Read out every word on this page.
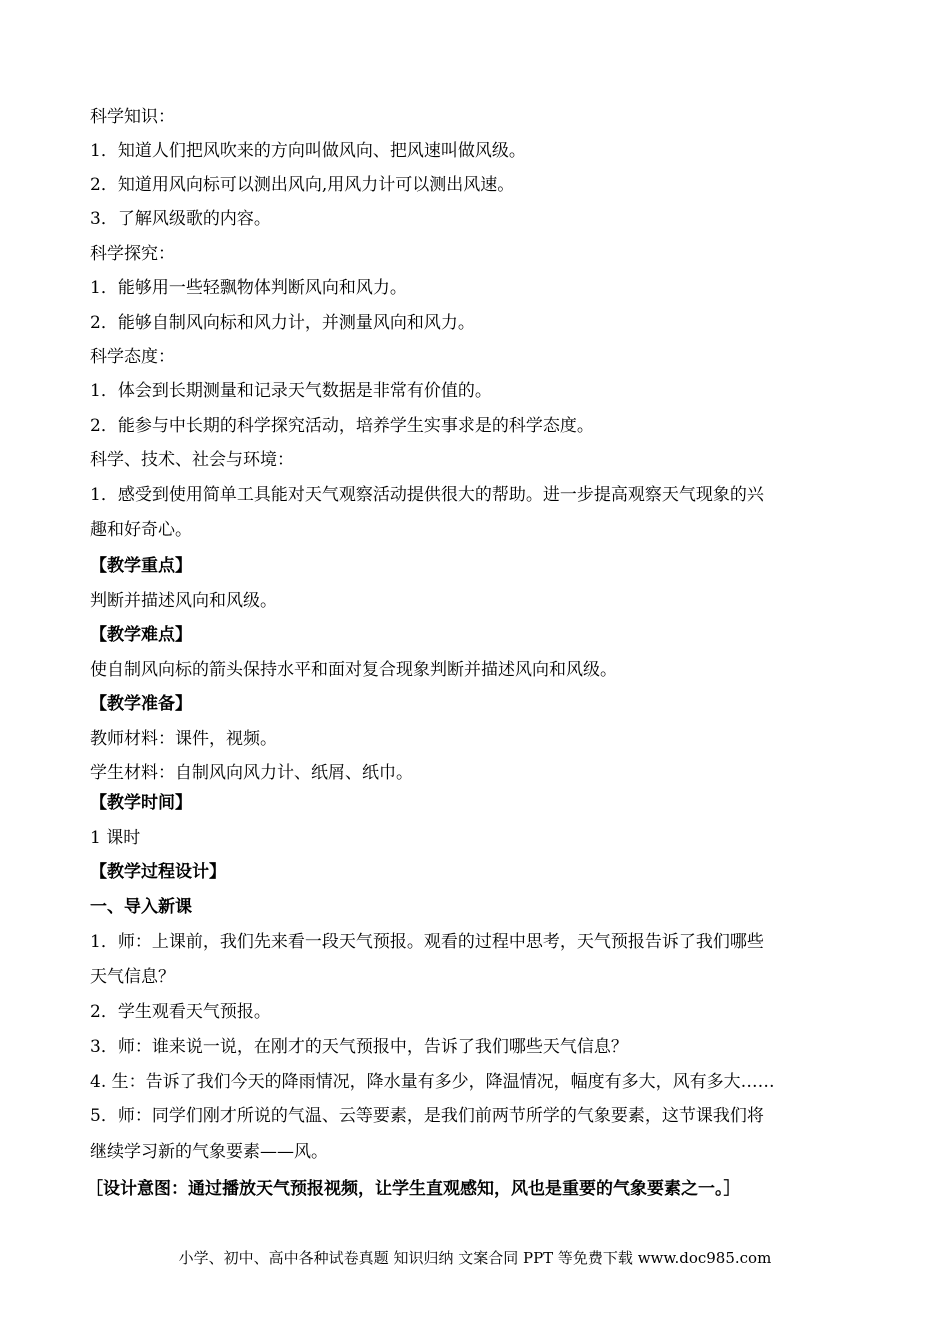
科学知识：
1．知道人们把风吹来的方向叫做风向、把风速叫做风级。
2．知道用风向标可以测出风向,用风力计可以测出风速。
3．了解风级歌的内容。
科学探究：
1．能够用一些轻飘物体判断风向和风力。
2．能够自制风向标和风力计，并测量风向和风力。
科学态度：
1．体会到长期测量和记录天气数据是非常有价值的。
2．能参与中长期的科学探究活动，培养学生实事求是的科学态度。
科学、技术、社会与环境：
1．感受到使用简单工具能对天气观察活动提供很大的帮助。进一步提高观察天气现象的兴
趣和好奇心。
【教学重点】
判断并描述风向和风级。
【教学难点】
使自制风向标的箭头保持水平和面对复合现象判断并描述风向和风级。
【教学准备】
教师材料：课件，视频。
学生材料：自制风向风力计、纸屑、纸巾。
【教学时间】
1 课时
【教学过程设计】
一、导入新课
1．师：上课前，我们先来看一段天气预报。观看的过程中思考，天气预报告诉了我们哪些
天气信息？
2．学生观看天气预报。
3．师：谁来说一说，在刚才的天气预报中，告诉了我们哪些天气信息？
4. 生：告诉了我们今天的降雨情况，降水量有多少，降温情况，幅度有多大，风有多大……
5．师：同学们刚才所说的气温、云等要素，是我们前两节所学的气象要素，这节课我们将
继续学习新的气象要素——风。
［设计意图：通过播放天气预报视频，让学生直观感知，风也是重要的气象要素之一。］
小学、初中、高中各种试卷真题 知识归纳 文案合同 PPT 等免费下载 www.doc985.com
